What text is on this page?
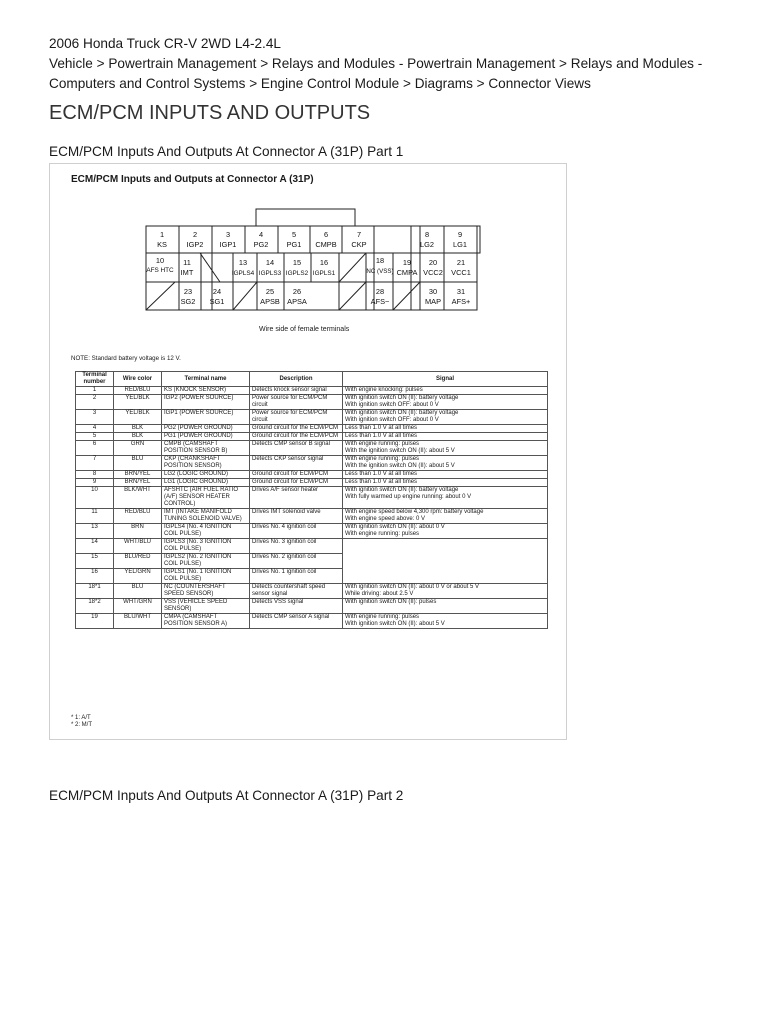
2006 Honda Truck CR-V 2WD L4-2.4L
Vehicle > Powertrain Management > Relays and Modules - Powertrain Management > Relays and Modules - Computers and Control Systems > Engine Control Module > Diagrams > Connector Views
ECM/PCM INPUTS AND OUTPUTS
ECM/PCM Inputs And Outputs At Connector A (31P) Part 1
ECM/PCM Inputs and Outputs at Connector A (31P)
1
KS
2
IGP2
3
IGP1
4
PG2
5
PG1
6
CMPB
7
CKP
8
LG2
9
LG1
10
AFS HTC
11
IMT
13
IGPLS4
14
IGPLS3
15
IGPLS2
16
IGPLS1
18
NC (VSS)
19
CMPA
20
VCC2
21
VCC1
23
SG2
24
SG1
25
APSB
26
APSA
28
AFS−
30
MAP
31
AFS+
Wire side of female terminals
NOTE: Standard battery voltage is 12 V.
Terminal number	Wire color	Terminal name	Description	Signal
1	RED/BLU	KS (KNOCK SENSOR)	Detects knock sensor signal	With engine knocking: pulses
2	YEL/BLK	IGP2 (POWER SOURCE)	Power source for ECM/PCM circuit	With ignition switch ON (II): battery voltage
With ignition switch OFF: about 0 V
3	YEL/BLK	IGP1 (POWER SOURCE)	Power source for ECM/PCM circuit	With ignition switch ON (II): battery voltage
With ignition switch OFF: about 0 V
4	BLK	PG2 (POWER GROUND)	Ground circuit for the ECM/PCM	Less than 1.0 V at all times
5	BLK	PG1 (POWER GROUND)	Ground circuit for the ECM/PCM	Less than 1.0 V at all times
6	GRN	CMPB (CAMSHAFT POSITION SENSOR B)	Detects CMP sensor B signal	With engine running: pulses
With the ignition switch ON (II): about 5 V
7	BLU	CKP (CRANKSHAFT POSITION SENSOR)	Detects CKP sensor signal	With engine running: pulses
With the ignition switch ON (II): about 5 V
8	BRN/YEL	LG2 (LOGIC GROUND)	Ground circuit for ECM/PCM	Less than 1.0 V at all times
9	BRN/YEL	LG1 (LOGIC GROUND)	Ground circuit for ECM/PCM	Less than 1.0 V at all times
10	BLK/WHT	AFSHTC (AIR FUEL RATIO (A/F) SENSOR HEATER CONTROL)	Drives A/F sensor heater	With ignition switch ON (II): battery voltage
With fully warmed up engine running: about 0 V
11	RED/BLU	IMT (INTAKE MANIFOLD TUNING SOLENOID VALVE)	Drives IMT solenoid valve	With engine speed below 4,300 rpm: battery voltage
With engine speed above: 0 V
13	BRN	IGPLS4 (No. 4 IGNITION COIL PULSE)	Drives No. 4 ignition coil	With ignition switch ON (II): about 0 V
With engine running: pulses
14	WHT/BLU	IGPLS3 (No. 3 IGNITION COIL PULSE)	Drives No. 3 ignition coil	
15	BLU/RED	IGPLS2 (No. 2 IGNITION COIL PULSE)	Drives No. 2 ignition coil	
16	YEL/GRN	IGPLS1 (No. 1 IGNITION COIL PULSE)	Drives No. 1 ignition coil	
18*1	BLU	NC (COUNTERSHAFT SPEED SENSOR)	Detects countershaft speed sensor signal	With ignition switch ON (II): about 0 V or about 5 V
While driving: about 2.5 V
18*2	WHT/GRN	VSS (VEHICLE SPEED SENSOR)	Detects VSS signal	With ignition switch ON (II): pulses
19	BLU/WHT	CMPA (CAMSHAFT POSITION SENSOR A)	Detects CMP sensor A signal	With engine running: pulses
With ignition switch ON (II): about 5 V
* 1: A/T
* 2: M/T
ECM/PCM Inputs And Outputs At Connector A (31P) Part 2
